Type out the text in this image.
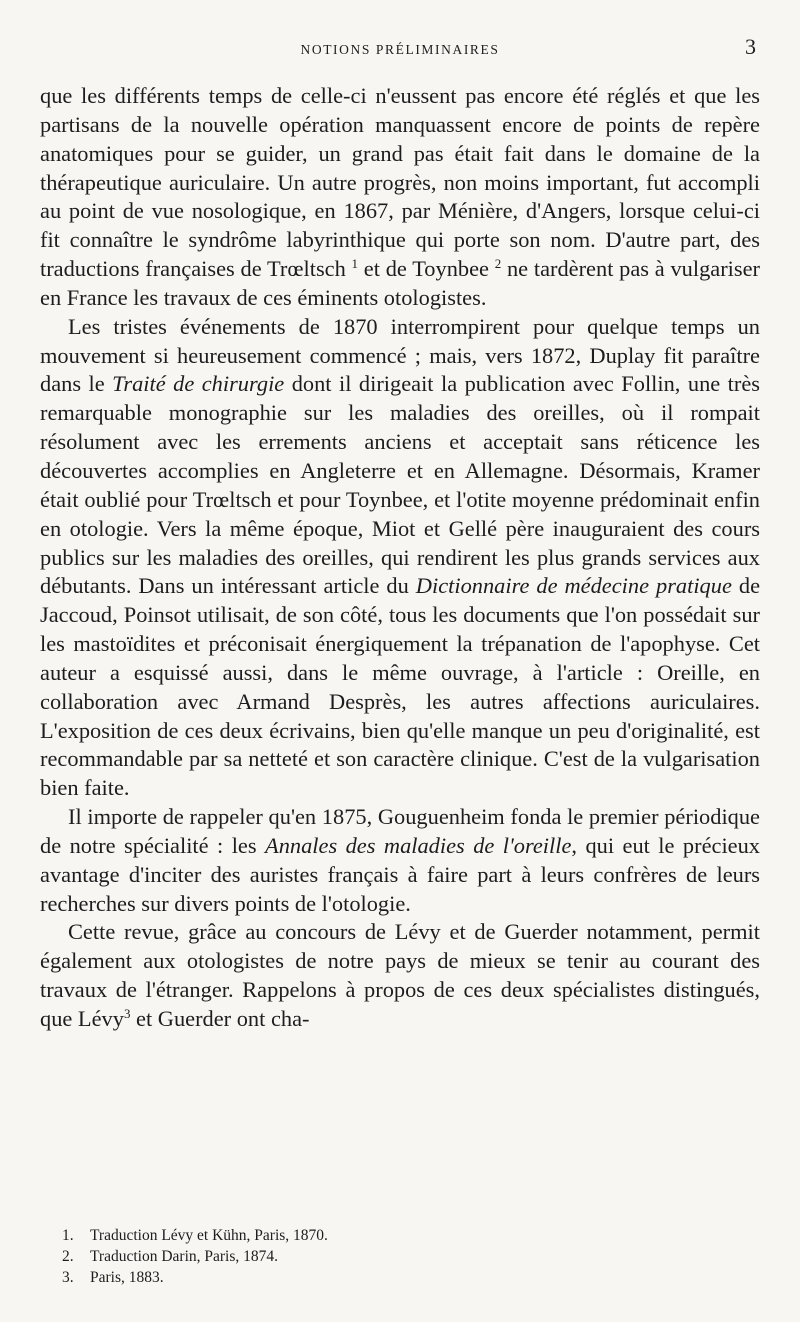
NOTIONS PRÉLIMINAIRES	3

que les différents temps de celle-ci n'eussent pas encore été réglés et que les partisans de la nouvelle opération manquassent encore de points de repère anatomiques pour se guider, un grand pas était fait dans le domaine de la thérapeutique auriculaire. Un autre progrès, non moins important, fut accompli au point de vue nosologique, en 1867, par Ménière, d'Angers, lorsque celui-ci fit connaître le syndrôme labyrinthique qui porte son nom. D'autre part, des traductions françaises de Trœltsch $^1$ et de Toynbee $^2$ ne tardèrent pas à vulgariser en France les travaux de ces éminents otologistes.

Les tristes événements de 1870 interrompirent pour quelque temps un mouvement si heureusement commencé ; mais, vers 1872, Duplay fit paraître dans le Traité de chirurgie dont il dirigeait la publication avec Follin, une très remarquable monographie sur les maladies des oreilles, où il rompait résolument avec les errements anciens et acceptait sans réticence les découvertes accomplies en Angleterre et en Allemagne. Désormais, Kramer était oublié pour Trœltsch et pour Toynbee, et l'otite moyenne prédominait enfin en otologie. Vers la même époque, Miot et Gellé père inauguraient des cours publics sur les maladies des oreilles, qui rendirent les plus grands services aux débutants. Dans un intéressant article du Dictionnaire de médecine pratique de Jaccoud, Poinsot utilisait, de son côté, tous les documents que l'on possédait sur les mastoïdites et préconisait énergiquement la trépanation de l'apophyse. Cet auteur a esquissé aussi, dans le même ouvrage, à l'article : Oreille, en collaboration avec Armand Desprès, les autres affections auriculaires. L'exposition de ces deux écrivains, bien qu'elle manque un peu d'originalité, est recommandable par sa netteté et son caractère clinique. C'est de la vulgarisation bien faite.

Il importe de rappeler qu'en 1875, Gouguenheim fonda le premier périodique de notre spécialité : les Annales des maladies de l'oreille, qui eut le précieux avantage d'inciter des auristes français à faire part à leurs confrères de leurs recherches sur divers points de l'otologie.

Cette revue, grâce au concours de Lévy et de Guerder notamment, permit également aux otologistes de notre pays de mieux se tenir au courant des travaux de l'étranger. Rappelons à propos de ces deux spécialistes distingués, que Lévy$^3$ et Guerder ont cha-

1. Traduction Lévy et Kühn, Paris, 1870.
2. Traduction Darin, Paris, 1874.
3. Paris, 1883.
